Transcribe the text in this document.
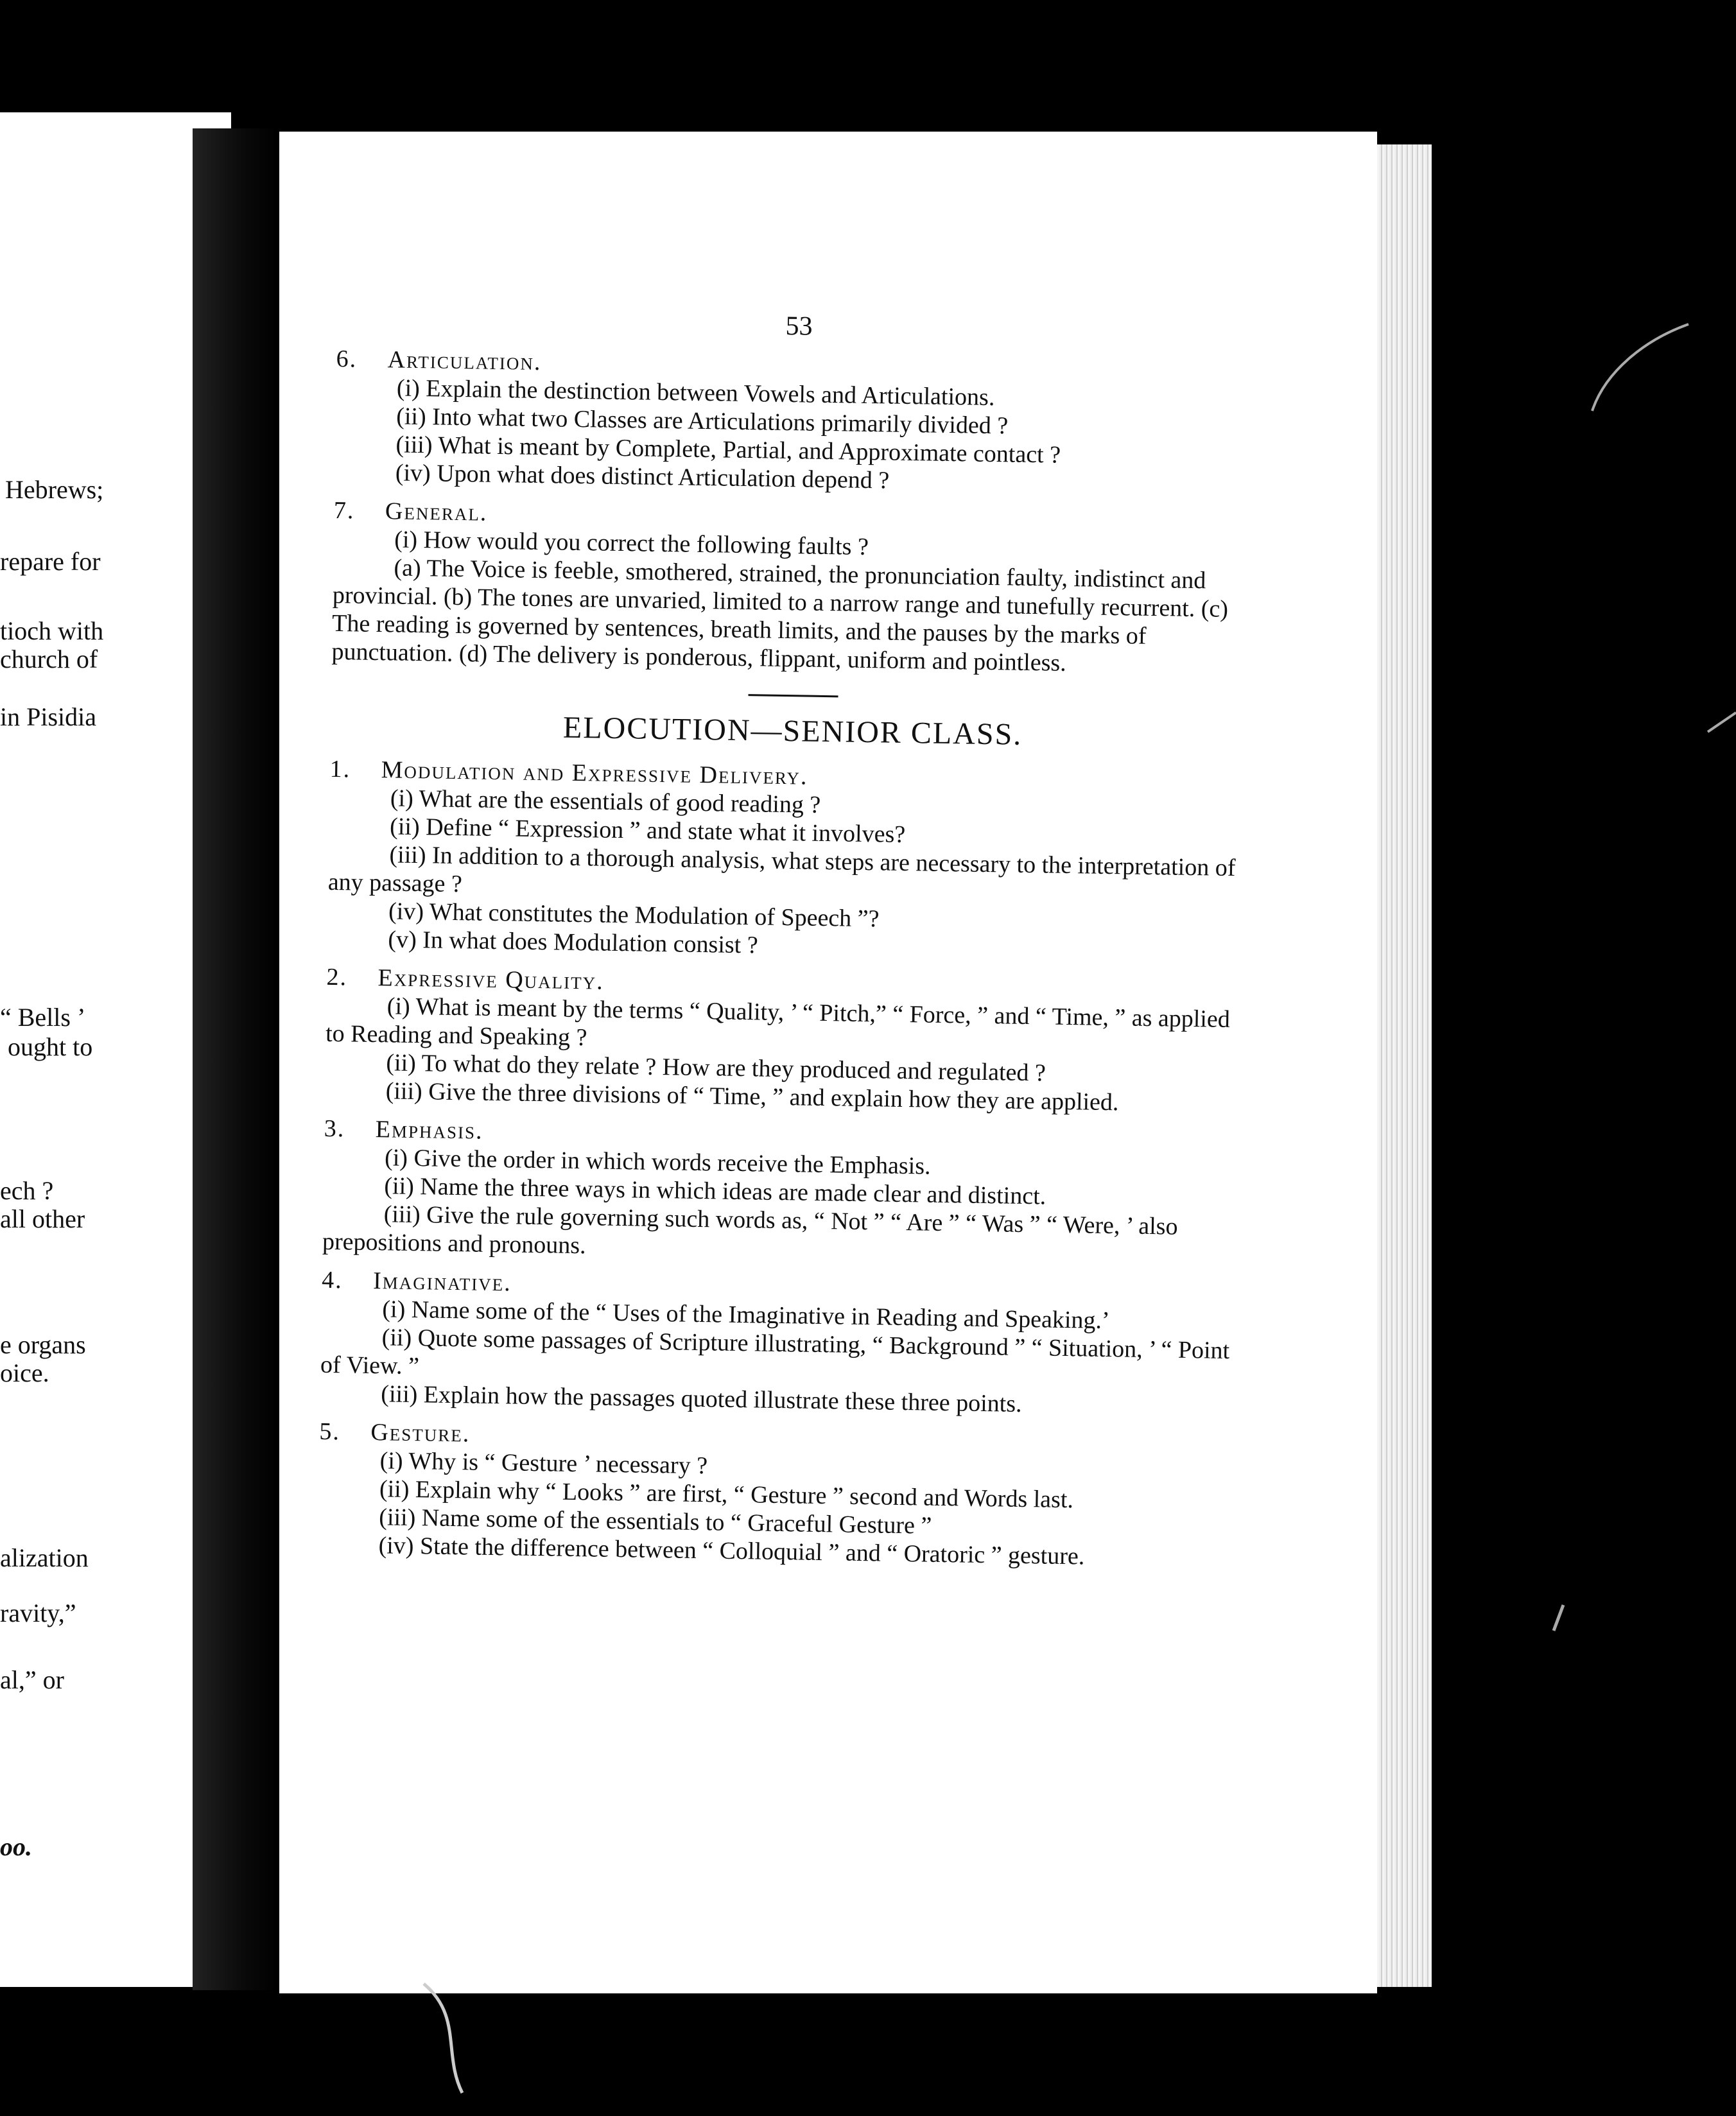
Hebrews;
repare for
tioch with
church of
in Pisidia
“ Bells ’
ought to
ech ?
all other
e organs
oice.
alization
ravity,”
al,” or
oo.
53
6. Articulation.
(i) Explain the destinction between Vowels and Articulations.
(ii) Into what two Classes are Articulations primarily divided ?
(iii) What is meant by Complete, Partial, and Approximate contact ?
(iv) Upon what does distinct Articulation depend ?
7. General.
(i) How would you correct the following faults ?
(a) The Voice is feeble, smothered, strained, the pronunciation faulty, indistinct and provincial. (b) The tones are unvaried, limited to a narrow range and tunefully recurrent. (c) The reading is governed by sentences, breath limits, and the pauses by the marks of punctuation. (d) The delivery is ponderous, flippant, uniform and pointless.
ELOCUTION—SENIOR CLASS.
1. Modulation and Expressive Delivery.
(i) What are the essentials of good reading ?
(ii) Define “ Expression ” and state what it involves?
(iii) In addition to a thorough analysis, what steps are necessary to the interpretation of any passage ?
(iv) What constitutes the Modulation of Speech ”?
(v) In what does Modulation consist ?
2. Expressive Quality.
(i) What is meant by the terms “ Quality, ’ “ Pitch,” “ Force, ” and “ Time, ” as applied to Reading and Speaking ?
(ii) To what do they relate ? How are they produced and regulated ?
(iii) Give the three divisions of “ Time, ” and explain how they are applied.
3. Emphasis.
(i) Give the order in which words receive the Emphasis.
(ii) Name the three ways in which ideas are made clear and distinct.
(iii) Give the rule governing such words as, “ Not ” “ Are ” “ Was ” “ Were, ’ also prepositions and pronouns.
4. Imaginative.
(i) Name some of the “ Uses of the Imaginative in Reading and Speaking.’
(ii) Quote some passages of Scripture illustrating, “ Background ” “ Situation, ’ “ Point of View. ”
(iii) Explain how the passages quoted illustrate these three points.
5. Gesture.
(i) Why is “ Gesture ’ necessary ?
(ii) Explain why “ Looks ” are first, “ Gesture ” second and Words last.
(iii) Name some of the essentials to “ Graceful Gesture ”
(iv) State the difference between “ Colloquial ” and “ Oratoric ” gesture.
